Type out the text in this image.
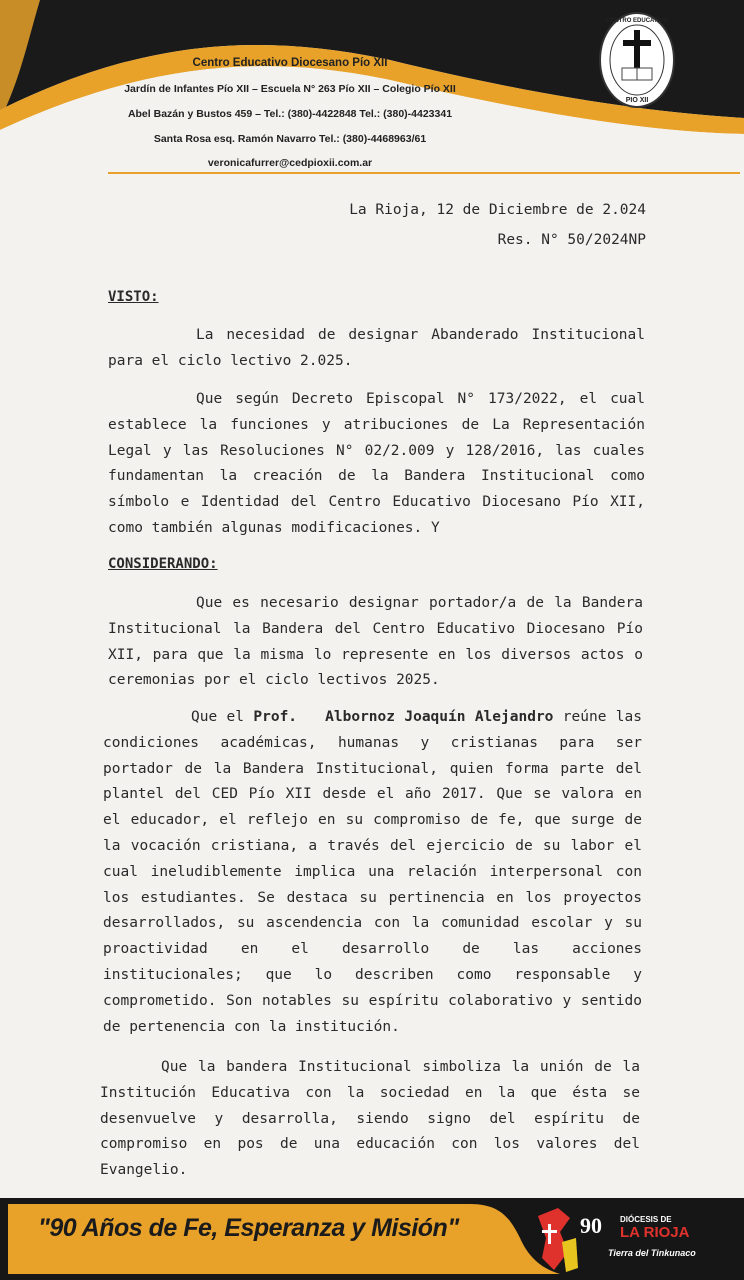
Centro Educativo Diocesano Pío XII
Jardín de Infantes Pío XII – Escuela N° 263 Pío XII – Colegio Pío XII
Abel Bazán y Bustos 459 – Tel.: (380)-4422848 Tel.: (380)-4423341
Santa Rosa esq. Ramón Navarro Tel.: (380)-4468963/61
veronicafurrer@cedpioxii.com.ar
CENTRO EDUCATIVO
PIO XII
La Rioja, 12 de Diciembre de 2.024
Res. N° 50/2024NP
VISTO:
La necesidad de designar Abanderado Institucional para el ciclo lectivo 2.025.
Que según Decreto Episcopal N° 173/2022, el cual establece la funciones y atribuciones de La Representación Legal y las Resoluciones N° 02/2.009 y 128/2016, las cuales fundamentan la creación de la Bandera Institucional como símbolo e Identidad del Centro Educativo Diocesano Pío XII, como también algunas modificaciones. Y
CONSIDERANDO:
Que es necesario designar portador/a de la Bandera Institucional la Bandera del Centro Educativo Diocesano Pío XII, para que la misma lo represente en los diversos actos o ceremonias por el ciclo lectivos 2025.
Que el Prof. Albornoz Joaquín Alejandro reúne las condiciones académicas, humanas y cristianas para ser portador de la Bandera Institucional, quien forma parte del plantel del CED Pío XII desde el año 2017. Que se valora en el educador, el reflejo en su compromiso de fe, que surge de la vocación cristiana, a través del ejercicio de su labor el cual ineludiblemente implica una relación interpersonal con los estudiantes. Se destaca su pertinencia en los proyectos desarrollados, su ascendencia con la comunidad escolar y su proactividad en el desarrollo de las acciones institucionales; que lo describen como responsable y comprometido. Son notables su espíritu colaborativo y sentido de pertenencia con la institución.
Que la bandera Institucional simboliza la unión de la Institución Educativa con la sociedad en la que ésta se desenvuelve y desarrolla, siendo signo del espíritu de compromiso en pos de una educación con los valores del Evangelio.
"90 Años de Fe, Esperanza y Misión"	90 DIÓCESIS DE
LA RIOJA
Tierra del Tinkunaco
